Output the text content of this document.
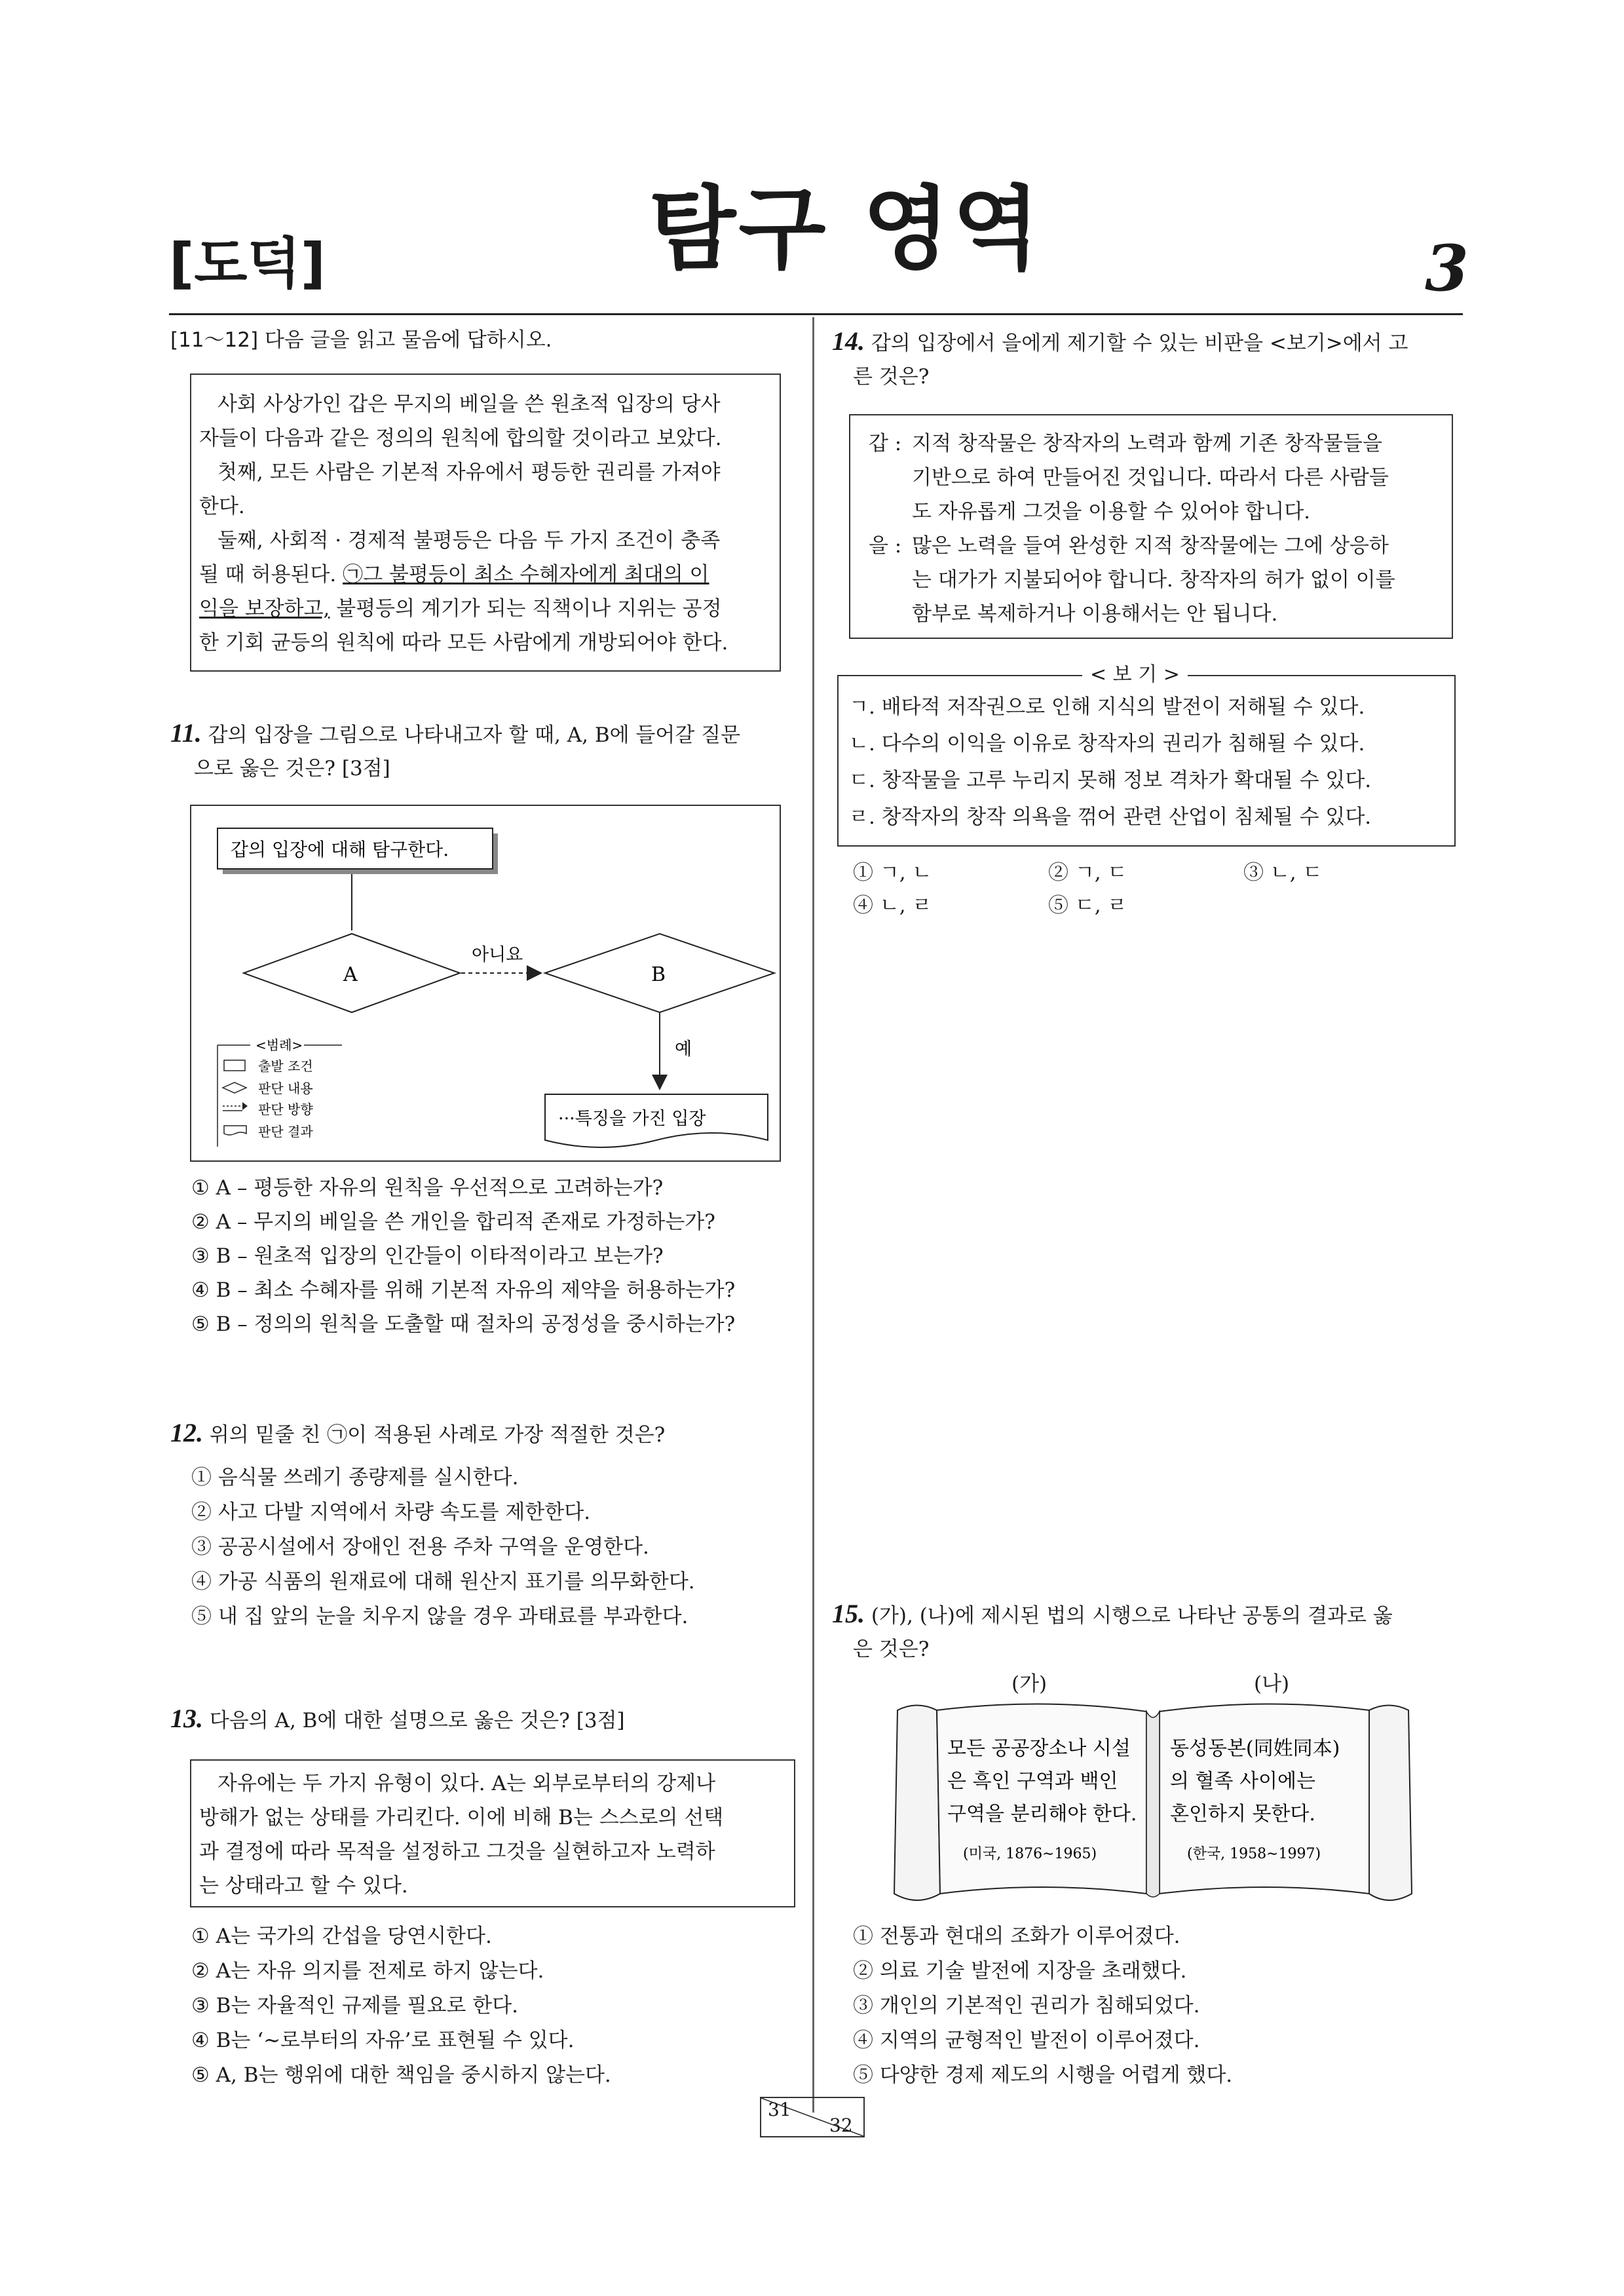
[도덕]	탐구 영역	3
[11～12] 다음 글을 읽고 물음에 답하시오.
사회 사상가인 갑은 무지의 베일을 쓴 원초적 입장의 당사
자들이 다음과 같은 정의의 원칙에 합의할 것이라고 보았다.
첫째, 모든 사람은 기본적 자유에서 평등한 권리를 가져야
한다.
둘째, 사회적 · 경제적 불평등은 다음 두 가지 조건이 충족
될 때 허용된다. ㉠그 불평등이 최소 수혜자에게 최대의 이
익을 보장하고, 불평등의 계기가 되는 직책이나 지위는 공정
한 기회 균등의 원칙에 따라 모든 사람에게 개방되어야 한다.
11. 갑의 입장을 그림으로 나타내고자 할 때, A, B에 들어갈 질문
으로 옳은 것은? [3점]
갑의 입장에 대해 탐구한다.
A
아니요
B
예
···특징을 가진 입장
<범례>
출발 조건
판단 내용
판단 방향
판단 결과
① A – 평등한 자유의 원칙을 우선적으로 고려하는가?
② A – 무지의 베일을 쓴 개인을 합리적 존재로 가정하는가?
③ B – 원초적 입장의 인간들이 이타적이라고 보는가?
④ B – 최소 수혜자를 위해 기본적 자유의 제약을 허용하는가?
⑤ B – 정의의 원칙을 도출할 때 절차의 공정성을 중시하는가?
12. 위의 밑줄 친 ㉠이 적용된 사례로 가장 적절한 것은?
① 음식물 쓰레기 종량제를 실시한다.
② 사고 다발 지역에서 차량 속도를 제한한다.
③ 공공시설에서 장애인 전용 주차 구역을 운영한다.
④ 가공 식품의 원재료에 대해 원산지 표기를 의무화한다.
⑤ 내 집 앞의 눈을 치우지 않을 경우 과태료를 부과한다.
13. 다음의 A, B에 대한 설명으로 옳은 것은? [3점]
자유에는 두 가지 유형이 있다. A는 외부로부터의 강제나
방해가 없는 상태를 가리킨다. 이에 비해 B는 스스로의 선택
과 결정에 따라 목적을 설정하고 그것을 실현하고자 노력하
는 상태라고 할 수 있다.
① A는 국가의 간섭을 당연시한다.
② A는 자유 의지를 전제로 하지 않는다.
③ B는 자율적인 규제를 필요로 한다.
④ B는 ‘∼로부터의 자유’로 표현될 수 있다.
⑤ A, B는 행위에 대한 책임을 중시하지 않는다.
14. 갑의 입장에서 을에게 제기할 수 있는 비판을 <보기>에서 고
른 것은?
갑 : 지적 창작물은 창작자의 노력과 함께 기존 창작물들을
기반으로 하여 만들어진 것입니다. 따라서 다른 사람들
도 자유롭게 그것을 이용할 수 있어야 합니다.
을 : 많은 노력을 들여 완성한 지적 창작물에는 그에 상응하
는 대가가 지불되어야 합니다. 창작자의 허가 없이 이를
함부로 복제하거나 이용해서는 안 됩니다.
< 보 기 >
ㄱ. 배타적 저작권으로 인해 지식의 발전이 저해될 수 있다.
ㄴ. 다수의 이익을 이유로 창작자의 권리가 침해될 수 있다.
ㄷ. 창작물을 고루 누리지 못해 정보 격차가 확대될 수 있다.
ㄹ. 창작자의 창작 의욕을 꺾어 관련 산업이 침체될 수 있다.
① ㄱ, ㄴ	② ㄱ, ㄷ	③ ㄴ, ㄷ
④ ㄴ, ㄹ	⑤ ㄷ, ㄹ
15. (가), (나)에 제시된 법의 시행으로 나타난 공통의 결과로 옳
은 것은?
(가)	(나)
모든 공공장소나 시설
은 흑인 구역과 백인
구역을 분리해야 한다.
(미국, 1876∼1965)
동성동본(同姓同本)
의 혈족 사이에는
혼인하지 못한다.
(한국, 1958∼1997)
① 전통과 현대의 조화가 이루어졌다.
② 의료 기술 발전에 지장을 초래했다.
③ 개인의 기본적인 권리가 침해되었다.
④ 지역의 균형적인 발전이 이루어졌다.
⑤ 다양한 경제 제도의 시행을 어렵게 했다.
31
32
